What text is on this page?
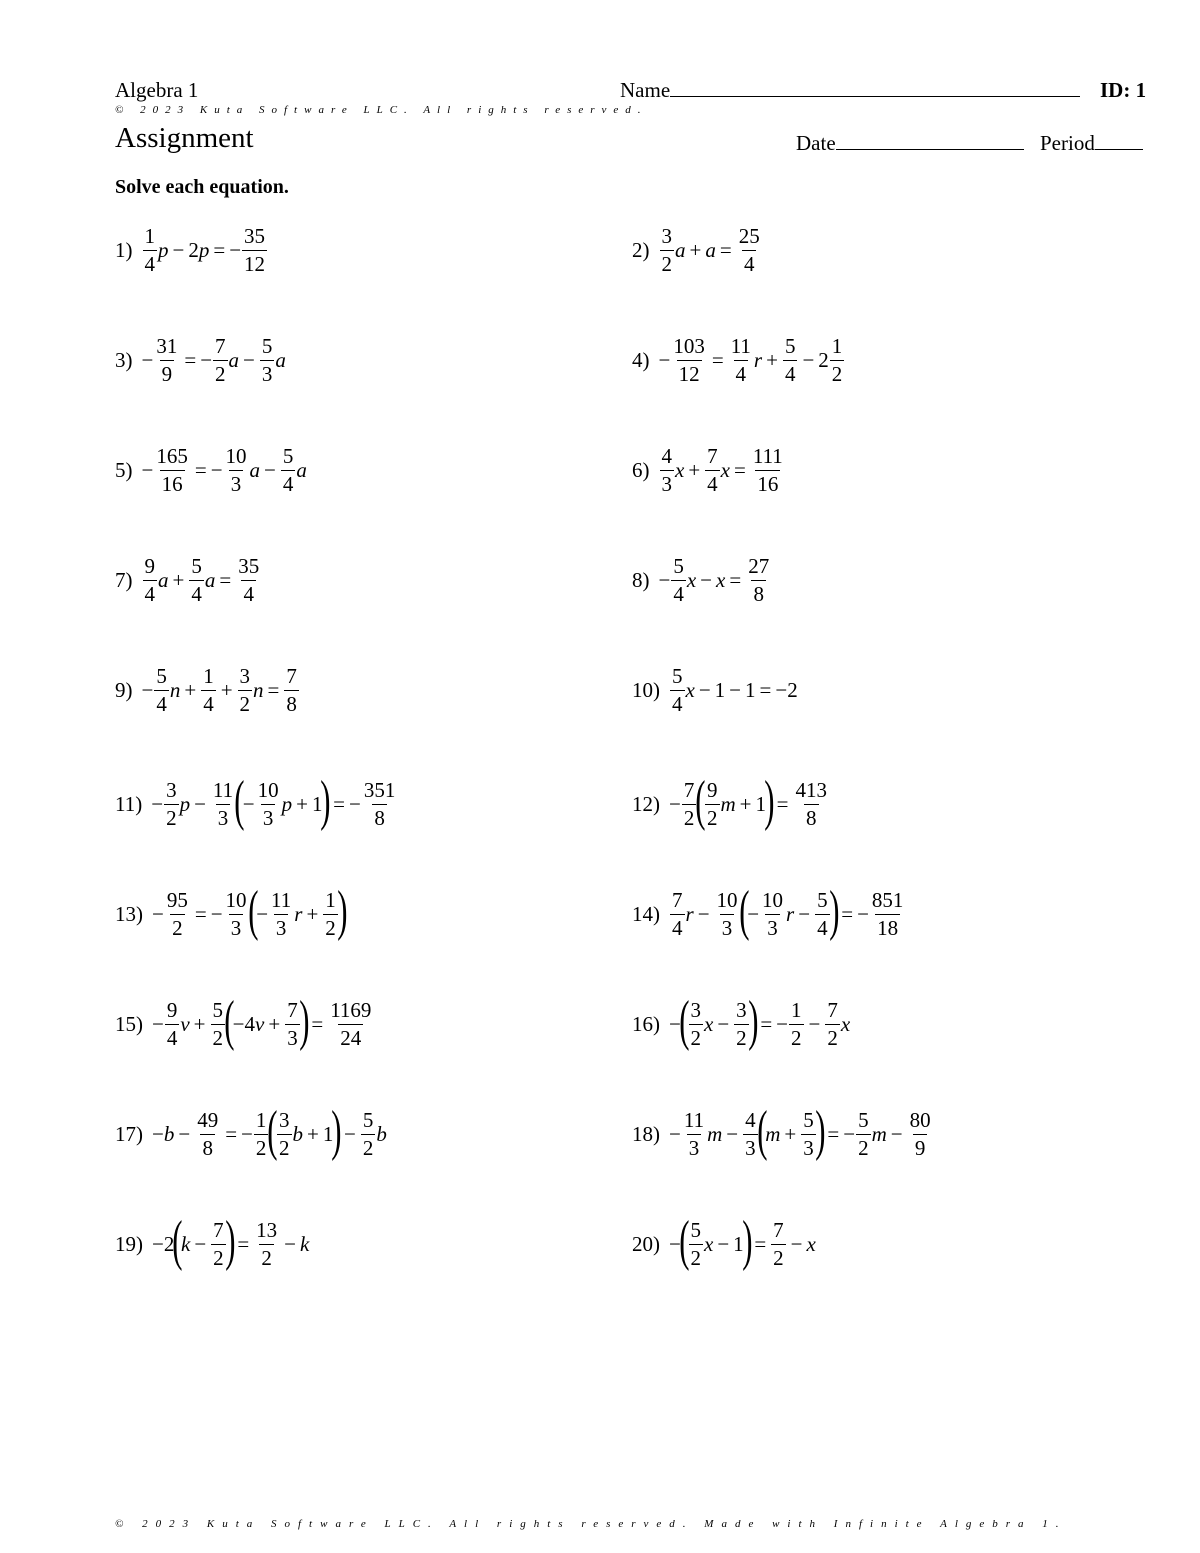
Algebra 1	Name	ID: 1
© 2023 Kuta Software LLC. All rights reserved.
Assignment	Date	Period
Solve each equation.
$1) \frac{1}{4}$ p − 2 p = − $\frac{35}{12}$	$2) \frac{3}{2}$ $a + a = \frac{25}{4}$
$3) - \frac{31}{9}$ = − $\frac{7}{2}$ $a - \frac{5}{3}$ a	$4) - \frac{103}{12} = \frac{11}{4}$ $r + \frac{5}{4} - 2 \frac{1}{2}$
$5) - \frac{165}{16}$ = − $\frac{10}{3}$ $a - \frac{5}{4}$ a	$6) \frac{4}{3}$ $x + \frac{7}{4}$ $x = \frac{111}{16}$
$7) \frac{9}{4}$ $a + \frac{5}{4}$ $a = \frac{35}{4}$	$8) - \frac{5}{4}$ $x - x = \frac{27}{8}$
$9) - \frac{5}{4}$ $n + \frac{1}{4} + \frac{3}{2}$ $n = \frac{7}{8}$	$10) \frac{5}{4}$ x − 1 − 1 = −2
$11) - \frac{3}{2}$ $p - \frac{11}{3}$ (
− $\frac{10}{3}$ p + 1
) = − $\frac{351}{8}$	$12) - \frac{7}{2}$ ( $\frac{9}{2}$ m + 1
) = $\frac{413}{8}$
$13) - \frac{95}{2}$ = − $\frac{10}{3}$ (
− $\frac{11}{3}$ $r + \frac{1}{2}$ )	$14) \frac{7}{4}$ $r - \frac{10}{3}$ (
− $\frac{10}{3}$ $r - \frac{5}{4}$ ) = − $\frac{851}{18}$
$15) - \frac{9}{4}$ $v + \frac{5}{2}$ (
−4 $v + \frac{7}{3}$ ) = $\frac{1169}{24}$	16) −
( $\frac{3}{2}$ $x - \frac{3}{2}$ ) = − $\frac{1}{2} - \frac{7}{2}$ x
$17) - b - \frac{49}{8}$ = − $\frac{1}{2}$ ( $\frac{3}{2}$ b + 1
) − $\frac{5}{2}$ b	$18) - \frac{11}{3}$ $m - \frac{4}{3}$ (
$m + \frac{5}{3}$ ) = − $\frac{5}{2}$ $m - \frac{80}{9}$
19) −2
(
$k - \frac{7}{2}$ ) = $\frac{13}{2} - k$	20) −
( $\frac{5}{2}$ x − 1
) = $\frac{7}{2} - x$
© 2023 Kuta Software LLC. All rights reserved. Made with Infinite Algebra 1.
